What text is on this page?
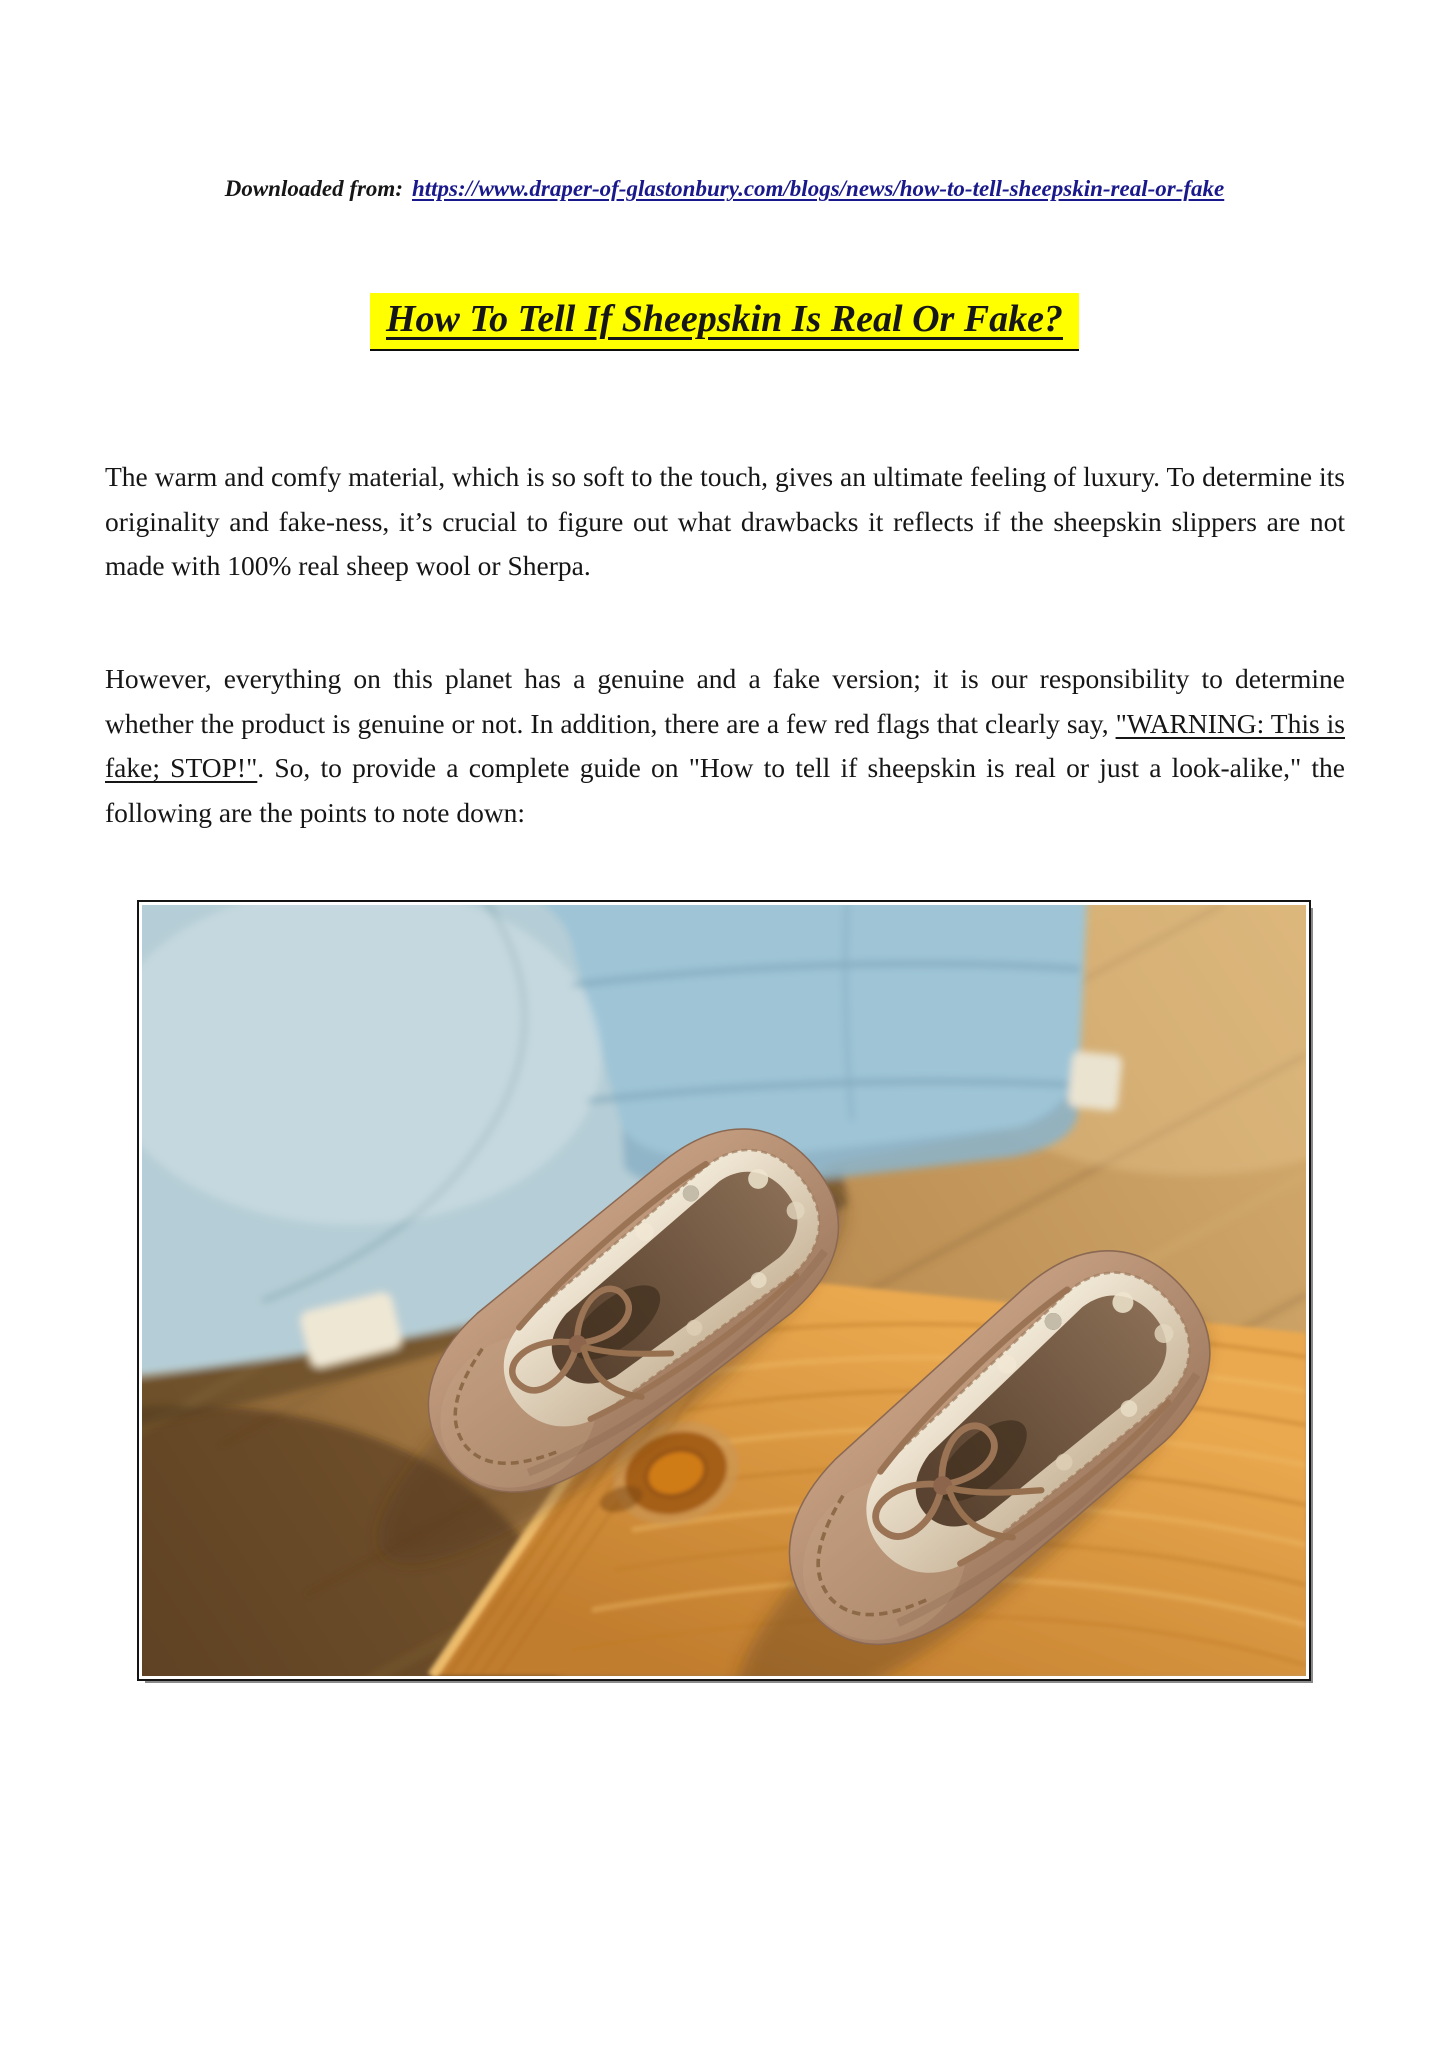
Downloaded from: https://www.draper-of-glastonbury.com/blogs/news/how-to-tell-sheepskin-real-or-fake

How To Tell If Sheepskin Is Real Or Fake?

The warm and comfy material, which is so soft to the touch, gives an ultimate feeling of luxury. To determine its originality and fake-ness, it’s crucial to figure out what drawbacks it reflects if the sheepskin slippers are not made with 100% real sheep wool or Sherpa.

However, everything on this planet has a genuine and a fake version; it is our responsibility to determine whether the product is genuine or not. In addition, there are a few red flags that clearly say, "WARNING: This is fake; STOP!". So, to provide a complete guide on "How to tell if sheepskin is real or just a look-alike," the following are the points to note down:
